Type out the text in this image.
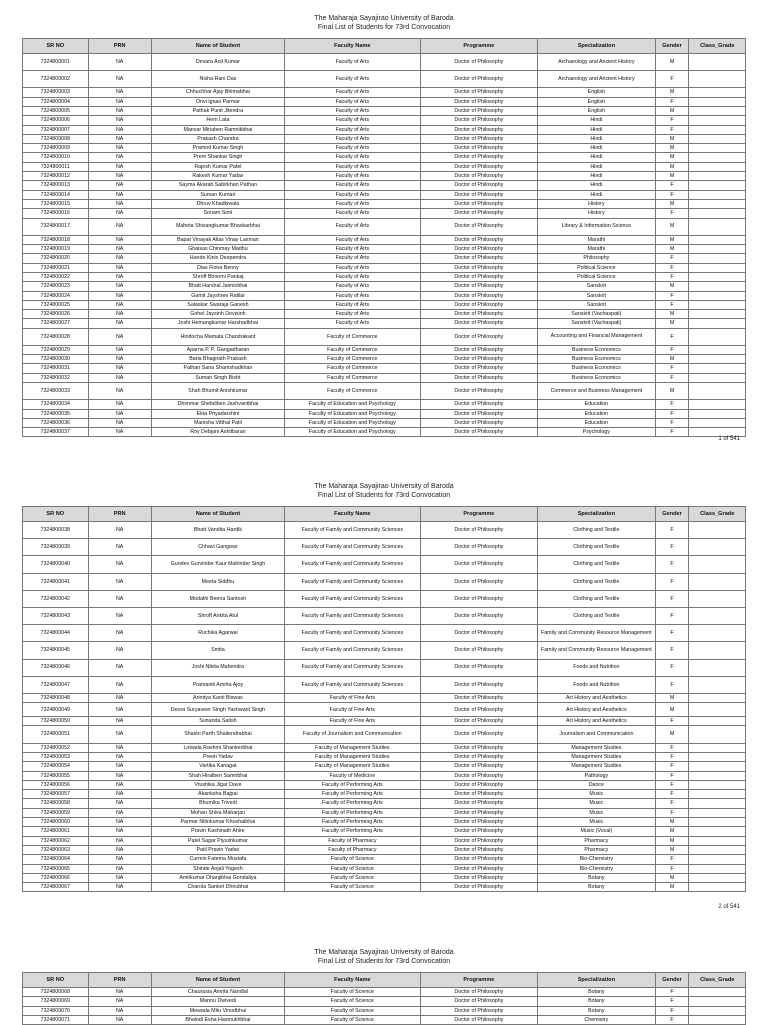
The Maharaja Sayajirao University of Baroda
Final List of Students for 73rd Convocation
SR NO	PRN	Name of Student	Faculty Name	Programme	Specialization	Gender	Class_Grade
7324800001	NA	Devara Anil Kumar	Faculty of Arts	Doctor of Philosophy	Archaeology and Ancient History	M	
7324800002	NA	Nisha Rani Das	Faculty of Arts	Doctor of Philosophy	Archaeology and Ancient History	F	
7324800003	NA	Chhuchhar Ajay Bhimabhai	Faculty of Arts	Doctor of Philosophy	English	M	
7324800004	NA	Onvi Ignas Parmar	Faculty of Arts	Doctor of Philosophy	English	F	
7324800005	NA	Pathak Punit Jitendra	Faculty of Arts	Doctor of Philosophy	English	M	
7324800006	NA	Hem Lata	Faculty of Arts	Doctor of Philosophy	Hindi	F	
7324800007	NA	Manvar Minaben Ramnikbhai	Faculty of Arts	Doctor of Philosophy	Hindi	F	
7324800008	NA	Prakash Chandra	Faculty of Arts	Doctor of Philosophy	Hindi	M	
7324800009	NA	Pramod Kumar Singh	Faculty of Arts	Doctor of Philosophy	Hindi	M	
7324800010	NA	Prem Shankar Singh	Faculty of Arts	Doctor of Philosophy	Hindi	M	
7324800011	NA	Rajesh Kumar Patel	Faculty of Arts	Doctor of Philosophy	Hindi	M	
7324800012	NA	Rakesh Kumar Yadav	Faculty of Arts	Doctor of Philosophy	Hindi	M	
7324800013	NA	Sayma Akarab Sabirkhan Pathan	Faculty of Arts	Doctor of Philosophy	Hindi	F	
7324800014	NA	Suman Kumari	Faculty of Arts	Doctor of Philosophy	Hindi	F	
7324800015	NA	Dhruv Khadkiwala	Faculty of Arts	Doctor of Philosophy	History	M	
7324800016	NA	Sonam Soni	Faculty of Arts	Doctor of Philosophy	History	F	
7324800017	NA	Maheta Shivangkumar Bhaskarbhai	Faculty of Arts	Doctor of Philosophy	Library & Information Science	M	
7324800018	NA	Bapat Vinayak Alias Vinay Laxman	Faculty of Arts	Doctor of Philosophy	Marathi	M	
7324800019	NA	Ghaisas Chinmay Madhu	Faculty of Arts	Doctor of Philosophy	Marathi	M	
7324800020	NA	Hande Kinix Deependra	Faculty of Arts	Doctor of Philosophy	Philosophy	F	
7324800021	NA	Dias Fiona Benny	Faculty of Arts	Doctor of Philosophy	Political Science	F	
7324800022	NA	Shroff Bhoomi Pankaj	Faculty of Arts	Doctor of Philosophy	Political Science	F	
7324800023	NA	Bhatt Harshal Jaiminbhai	Faculty of Arts	Doctor of Philosophy	Sanskrit	M	
7324800024	NA	Gamit Jayshree Ratilal	Faculty of Arts	Doctor of Philosophy	Sanskrit	F	
7324800025	NA	Salaskar Swaraja Ganesh	Faculty of Arts	Doctor of Philosophy	Sanskrit	F	
7324800026	NA	Gohel Jaysinh Devisinh	Faculty of Arts	Doctor of Philosophy	Sanskrit (Vachaspati)	M	
7324800027	NA	Joshi Hemangkumar Harshadbhai	Faculty of Arts	Doctor of Philosophy	Sanskrit (Vachaspati)	M	
7324800028	NA	Hindocha Mamata Chandrakant	Faculty of Commerce	Doctor of Philosophy	Accounting and Financial Management	F	
7324800029	NA	Aparna P. P. Gangadharan	Faculty of Commerce	Doctor of Philosophy	Business Economics	F	
7324800030	NA	Baria Bhagirath Prakash	Faculty of Commerce	Doctor of Philosophy	Business Economics	M	
7324800031	NA	Pathan Sana Shamshadkhan	Faculty of Commerce	Doctor of Philosophy	Business Economics	F	
7324800032	NA	Suman Singh Bisht	Faculty of Commerce	Doctor of Philosophy	Business Economics	F	
7324800033	NA	Shah Bhumit Anishkumar	Faculty of Commerce	Doctor of Philosophy	Commerce and Business Management	M	
7324800034	NA	Dhimmar Shefaliben Jashvantbhai	Faculty of Education and Psychology	Doctor of Philosophy	Education	F	
7324800035	NA	Ekta Priyadarshini	Faculty of Education and Psychology	Doctor of Philosophy	Education	F	
7324800036	NA	Manisha Vitthal Patil	Faculty of Education and Psychology	Doctor of Philosophy	Education	F	
7324800037	NA	Roy Debjani Ashitbaran	Faculty of Education and Psychology	Doctor of Philosophy	Psychology	F	
1 of 541
The Maharaja Sayajirao University of Baroda
Final List of Students for 73rd Convocation
SR NO	PRN	Name of Student	Faculty Name	Programme	Specialization	Gender	Class_Grade
7324800038	NA	Bhatt Vandita Hardik	Faculty of Family and Community Sciences	Doctor of Philosophy	Clothing and Textile	F	
7324800039	NA	Chhavi Gangwar	Faculty of Family and Community Sciences	Doctor of Philosophy	Clothing and Textile	F	
7324800040	NA	Gundev Gurvinder Kaur Mahinder Singh	Faculty of Family and Community Sciences	Doctor of Philosophy	Clothing and Textile	F	
7324800041	NA	Meeta Siddhu	Faculty of Family and Community Sciences	Doctor of Philosophy	Clothing and Textile	F	
7324800042	NA	Modathi Beena Santosh	Faculty of Family and Community Sciences	Doctor of Philosophy	Clothing and Textile	F	
7324800043	NA	Shroff Ankita Atul	Faculty of Family and Community Sciences	Doctor of Philosophy	Clothing and Textile	F	
7324800044	NA	Ruchika Agarwal	Faculty of Family and Community Sciences	Doctor of Philosophy	Family and Community Resource Management	F	
7324800045	NA	Smita	Faculty of Family and Community Sciences	Doctor of Philosophy	Family and Community Resource Management	F	
7324800046	NA	Joshi Nikita Mahendra	Faculty of Family and Community Sciences	Doctor of Philosophy	Foods and Nutrition	F	
7324800047	NA	Pramanik Amrita Ajoy	Faculty of Family and Community Sciences	Doctor of Philosophy	Foods and Nutrition	F	
7324800048	NA	Arindya Kanti Biswas	Faculty of Fine Arts	Doctor of Philosophy	Art History and Aesthetics	M	
7324800049	NA	Deora Suryaveer Singh Yashwant Singh	Faculty of Fine Arts	Doctor of Philosophy	Art History and Aesthetics	M	
7324800050	NA	Sunanda Satish	Faculty of Fine Arts	Doctor of Philosophy	Art History and Aesthetics	F	
7324800051	NA	Shastri Parth Shailendrabhai	Faculty of Journalism and Communication	Doctor of Philosophy	Journalism and Communication	M	
7324800052	NA	Lotwala Rashmi Shankerbhai	Faculty of Management Studies	Doctor of Philosophy	Management Studies	F	
7324800053	NA	Preeti Yadav	Faculty of Management Studies	Doctor of Philosophy	Management Studies	F	
7324800054	NA	Vartika Kanagat	Faculty of Management Studies	Doctor of Philosophy	Management Studies	F	
7324800055	NA	Shah Hiralben Samirbhai	Faculty of Medicine	Doctor of Philosophy	Pathology	F	
7324800056	NA	Vrushika Jigar Dave	Faculty of Performing Arts	Doctor of Philosophy	Dance	F	
7324800057	NA	Akanksha Bajpai	Faculty of Performing Arts	Doctor of Philosophy	Music	F	
7324800058	NA	Bhumika Trivedi	Faculty of Performing Arts	Doctor of Philosophy	Music	F	
7324800059	NA	Mohan Shiva Maharjan	Faculty of Performing Arts	Doctor of Philosophy	Music	F	
7324800060	NA	Parmar Nitinkumar Khushalbhai	Faculty of Performing Arts	Doctor of Philosophy	Music	M	
7324800061	NA	Pravin Kashinath Ahire	Faculty of Performing Arts	Doctor of Philosophy	Music (Vocal)	M	
7324800062	NA	Patel Sagar Piyushkumar	Faculty of Pharmacy	Doctor of Philosophy	Pharmacy	M	
7324800063	NA	Patil Pravin Yadav	Faculty of Pharmacy	Doctor of Philosophy	Pharmacy	M	
7324800064	NA	Curmin Fatema Mustafa	Faculty of Science	Doctor of Philosophy	Bio-Chemistry	F	
7324800065	NA	Shinde Anjali Yogesh	Faculty of Science	Doctor of Philosophy	Bio-Chemistry	F	
7324800066	NA	Amitkumar Dhanjibhai Gondaliya	Faculty of Science	Doctor of Philosophy	Botany	M	
7324800067	NA	Charola Sanket Dhirubhai	Faculty of Science	Doctor of Philosophy	Botany	M	
2 of 541
The Maharaja Sayajirao University of Baroda
Final List of Students for 73rd Convocation
SR NO	PRN	Name of Student	Faculty Name	Programme	Specialization	Gender	Class_Grade
7324800068	NA	Chaurasia Amrita Nandlal	Faculty of Science	Doctor of Philosophy	Botany	F	
7324800069	NA	Mannu Dwivedi	Faculty of Science	Doctor of Philosophy	Botany	F	
7324800070	NA	Mewada Mitu Vinodbhai	Faculty of Science	Doctor of Philosophy	Botany	F	
7324800071	NA	Bhalodi Esha Hasmukhbhai	Faculty of Science	Doctor of Philosophy	Chemistry	F	
